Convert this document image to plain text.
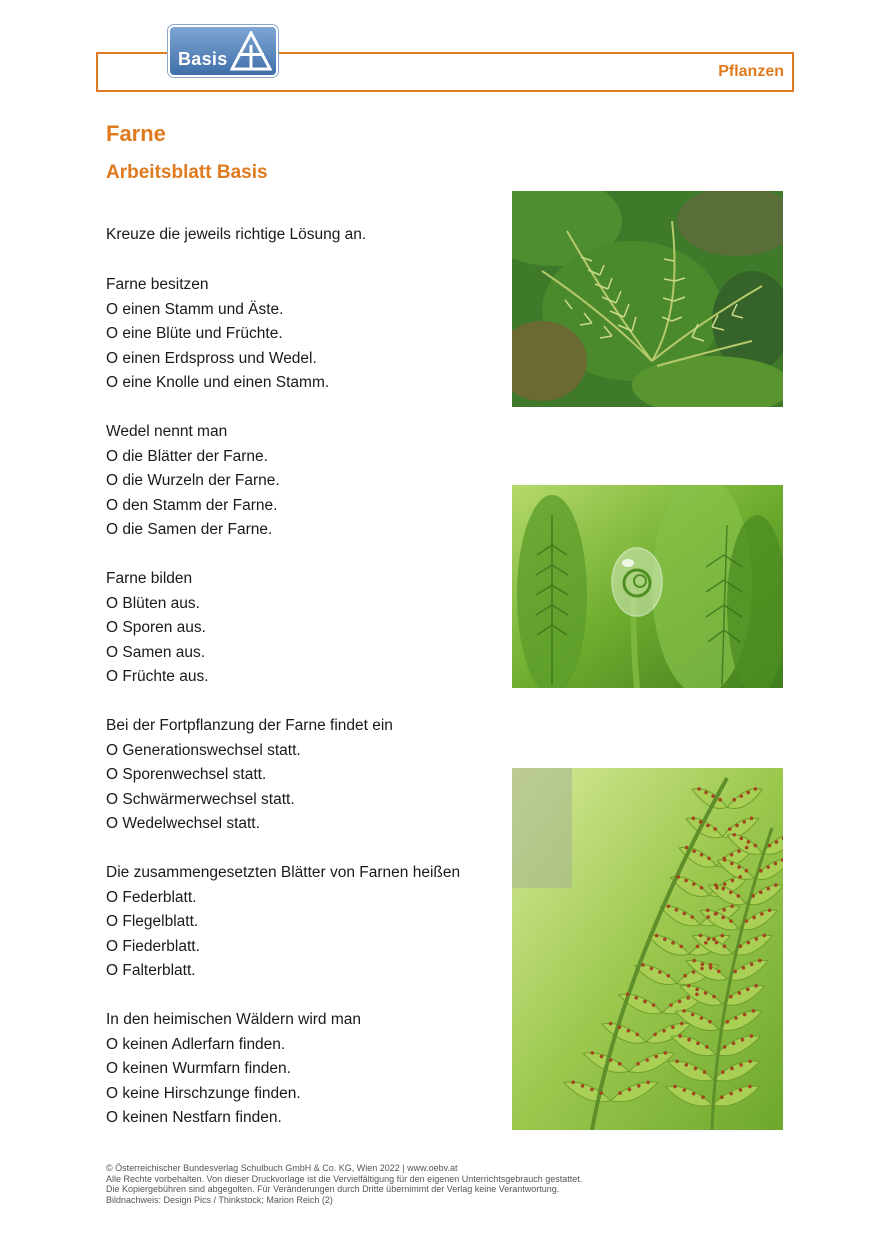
Pflanzen
Basis
Farne
Arbeitsblatt Basis
Kreuze die jeweils richtige Lösung an.
Farne besitzen
O einen Stamm und Äste.
O eine Blüte und Früchte.
O einen Erdspross und Wedel.
O eine Knolle und einen Stamm.
Wedel nennt man
O die Blätter der Farne.
O die Wurzeln der Farne.
O den Stamm der Farne.
O die Samen der Farne.
Farne bilden
O Blüten aus.
O Sporen aus.
O Samen aus.
O Früchte aus.
Bei der Fortpflanzung der Farne findet ein
O Generationswechsel statt.
O Sporenwechsel statt.
O Schwärmerwechsel statt.
O Wedelwechsel statt.
Die zusammengesetzten Blätter von Farnen heißen
O Federblatt.
O Flegelblatt.
O Fiederblatt.
O Falterblatt.
In den heimischen Wäldern wird man
O keinen Adlerfarn finden.
O keinen Wurmfarn finden.
O keine Hirschzunge finden.
O keinen Nestfarn finden.
© Österreichischer Bundesverlag Schulbuch GmbH & Co. KG, Wien 2022 | www.oebv.at
Alle Rechte vorbehalten. Von dieser Druckvorlage ist die Vervielfältigung für den eigenen Unterrichtsgebrauch gestattet.
Die Kopiergebühren sind abgegolten. Für Veränderungen durch Dritte übernimmt der Verlag keine Verantwortung.
Bildnachweis: Design Pics / Thinkstock; Marion Reich (2)
